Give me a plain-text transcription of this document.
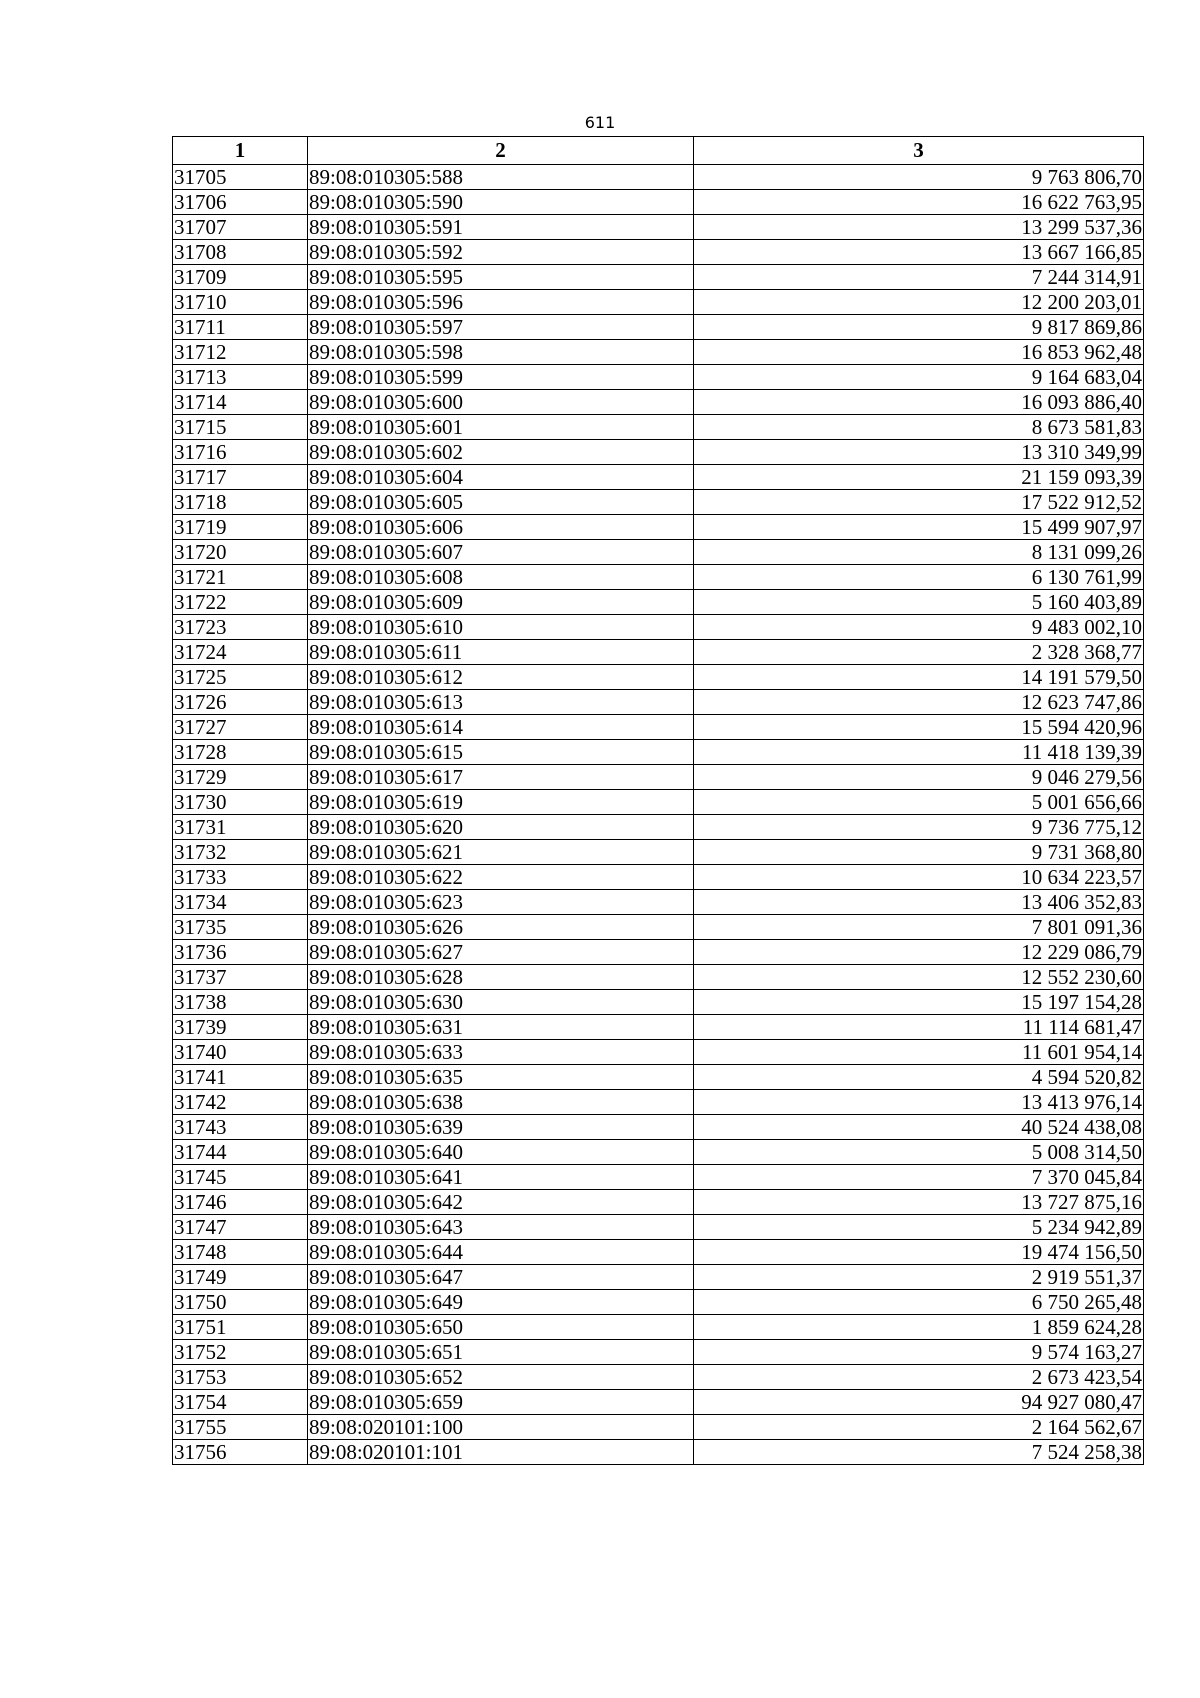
611
1	2	3
31705	89:08:010305:588	9 763 806,70
31706	89:08:010305:590	16 622 763,95
31707	89:08:010305:591	13 299 537,36
31708	89:08:010305:592	13 667 166,85
31709	89:08:010305:595	7 244 314,91
31710	89:08:010305:596	12 200 203,01
31711	89:08:010305:597	9 817 869,86
31712	89:08:010305:598	16 853 962,48
31713	89:08:010305:599	9 164 683,04
31714	89:08:010305:600	16 093 886,40
31715	89:08:010305:601	8 673 581,83
31716	89:08:010305:602	13 310 349,99
31717	89:08:010305:604	21 159 093,39
31718	89:08:010305:605	17 522 912,52
31719	89:08:010305:606	15 499 907,97
31720	89:08:010305:607	8 131 099,26
31721	89:08:010305:608	6 130 761,99
31722	89:08:010305:609	5 160 403,89
31723	89:08:010305:610	9 483 002,10
31724	89:08:010305:611	2 328 368,77
31725	89:08:010305:612	14 191 579,50
31726	89:08:010305:613	12 623 747,86
31727	89:08:010305:614	15 594 420,96
31728	89:08:010305:615	11 418 139,39
31729	89:08:010305:617	9 046 279,56
31730	89:08:010305:619	5 001 656,66
31731	89:08:010305:620	9 736 775,12
31732	89:08:010305:621	9 731 368,80
31733	89:08:010305:622	10 634 223,57
31734	89:08:010305:623	13 406 352,83
31735	89:08:010305:626	7 801 091,36
31736	89:08:010305:627	12 229 086,79
31737	89:08:010305:628	12 552 230,60
31738	89:08:010305:630	15 197 154,28
31739	89:08:010305:631	11 114 681,47
31740	89:08:010305:633	11 601 954,14
31741	89:08:010305:635	4 594 520,82
31742	89:08:010305:638	13 413 976,14
31743	89:08:010305:639	40 524 438,08
31744	89:08:010305:640	5 008 314,50
31745	89:08:010305:641	7 370 045,84
31746	89:08:010305:642	13 727 875,16
31747	89:08:010305:643	5 234 942,89
31748	89:08:010305:644	19 474 156,50
31749	89:08:010305:647	2 919 551,37
31750	89:08:010305:649	6 750 265,48
31751	89:08:010305:650	1 859 624,28
31752	89:08:010305:651	9 574 163,27
31753	89:08:010305:652	2 673 423,54
31754	89:08:010305:659	94 927 080,47
31755	89:08:020101:100	2 164 562,67
31756	89:08:020101:101	7 524 258,38
